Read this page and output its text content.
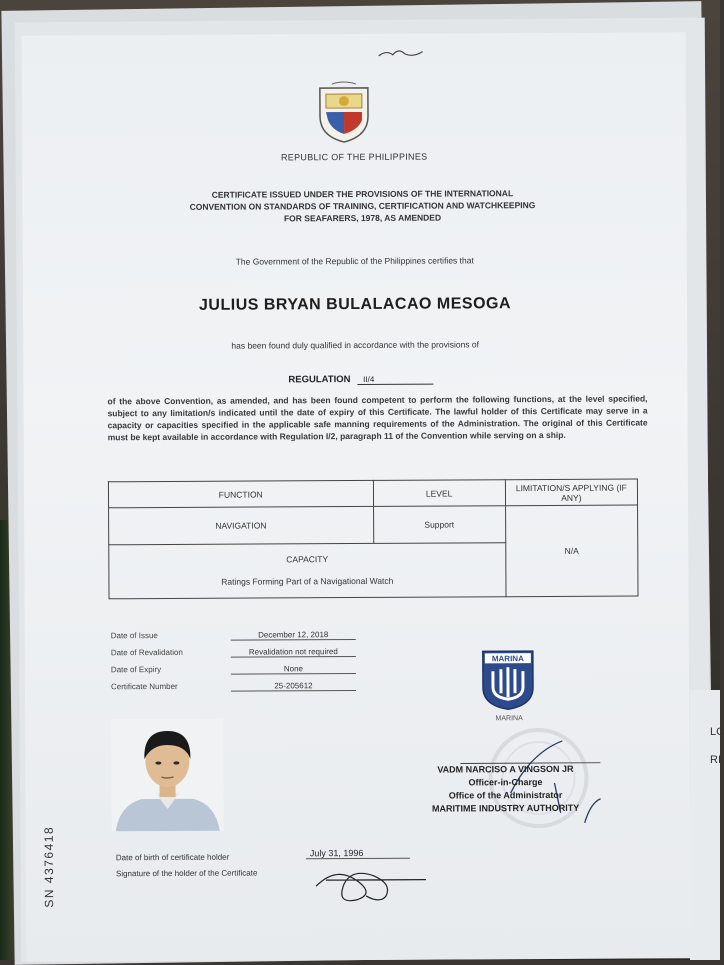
LC
RI
REPUBLIC OF THE PHILIPPINES
CERTIFICATE ISSUED UNDER THE PROVISIONS OF THE INTERNATIONAL CONVENTION ON STANDARDS OF TRAINING, CERTIFICATION AND WATCHKEEPING FOR SEAFARERS, 1978, AS AMENDED
The Government of the Republic of the Philippines certifies that
JULIUS BRYAN BULALACAO MESOGA
has been found duly qualified in accordance with the provisions of
REGULATION II/4
of the above Convention, as amended, and has been found competent to perform the following functions, at the level specified, subject to any limitation/s indicated until the date of expiry of this Certificate. The lawful holder of this Certificate may serve in a capacity or capacities specified in the applicable safe manning requirements of the Administration. The original of this Certificate must be kept available in accordance with Regulation I/2, paragraph 11 of the Convention while serving on a ship.
FUNCTION	LEVEL	LIMITATION/S APPLYING (IF ANY)
NAVIGATION	Support	N/A

CAPACITY
Ratings Forming Part of a Navigational Watch		
Date of Issue	December 12, 2018
Date of Revalidation	Revalidation not required
Date of Expiry	None
Certificate Number	25-205612
MARINA
MARINA
VADM NARCISO A VINGSON JR
Officer-in-Charge
Office of the Administrator
MARITIME INDUSTRY AUTHORITY
Date of birth of certificate holder	July 31, 1996
Signature of the holder of the Certificate
SN 4376418
